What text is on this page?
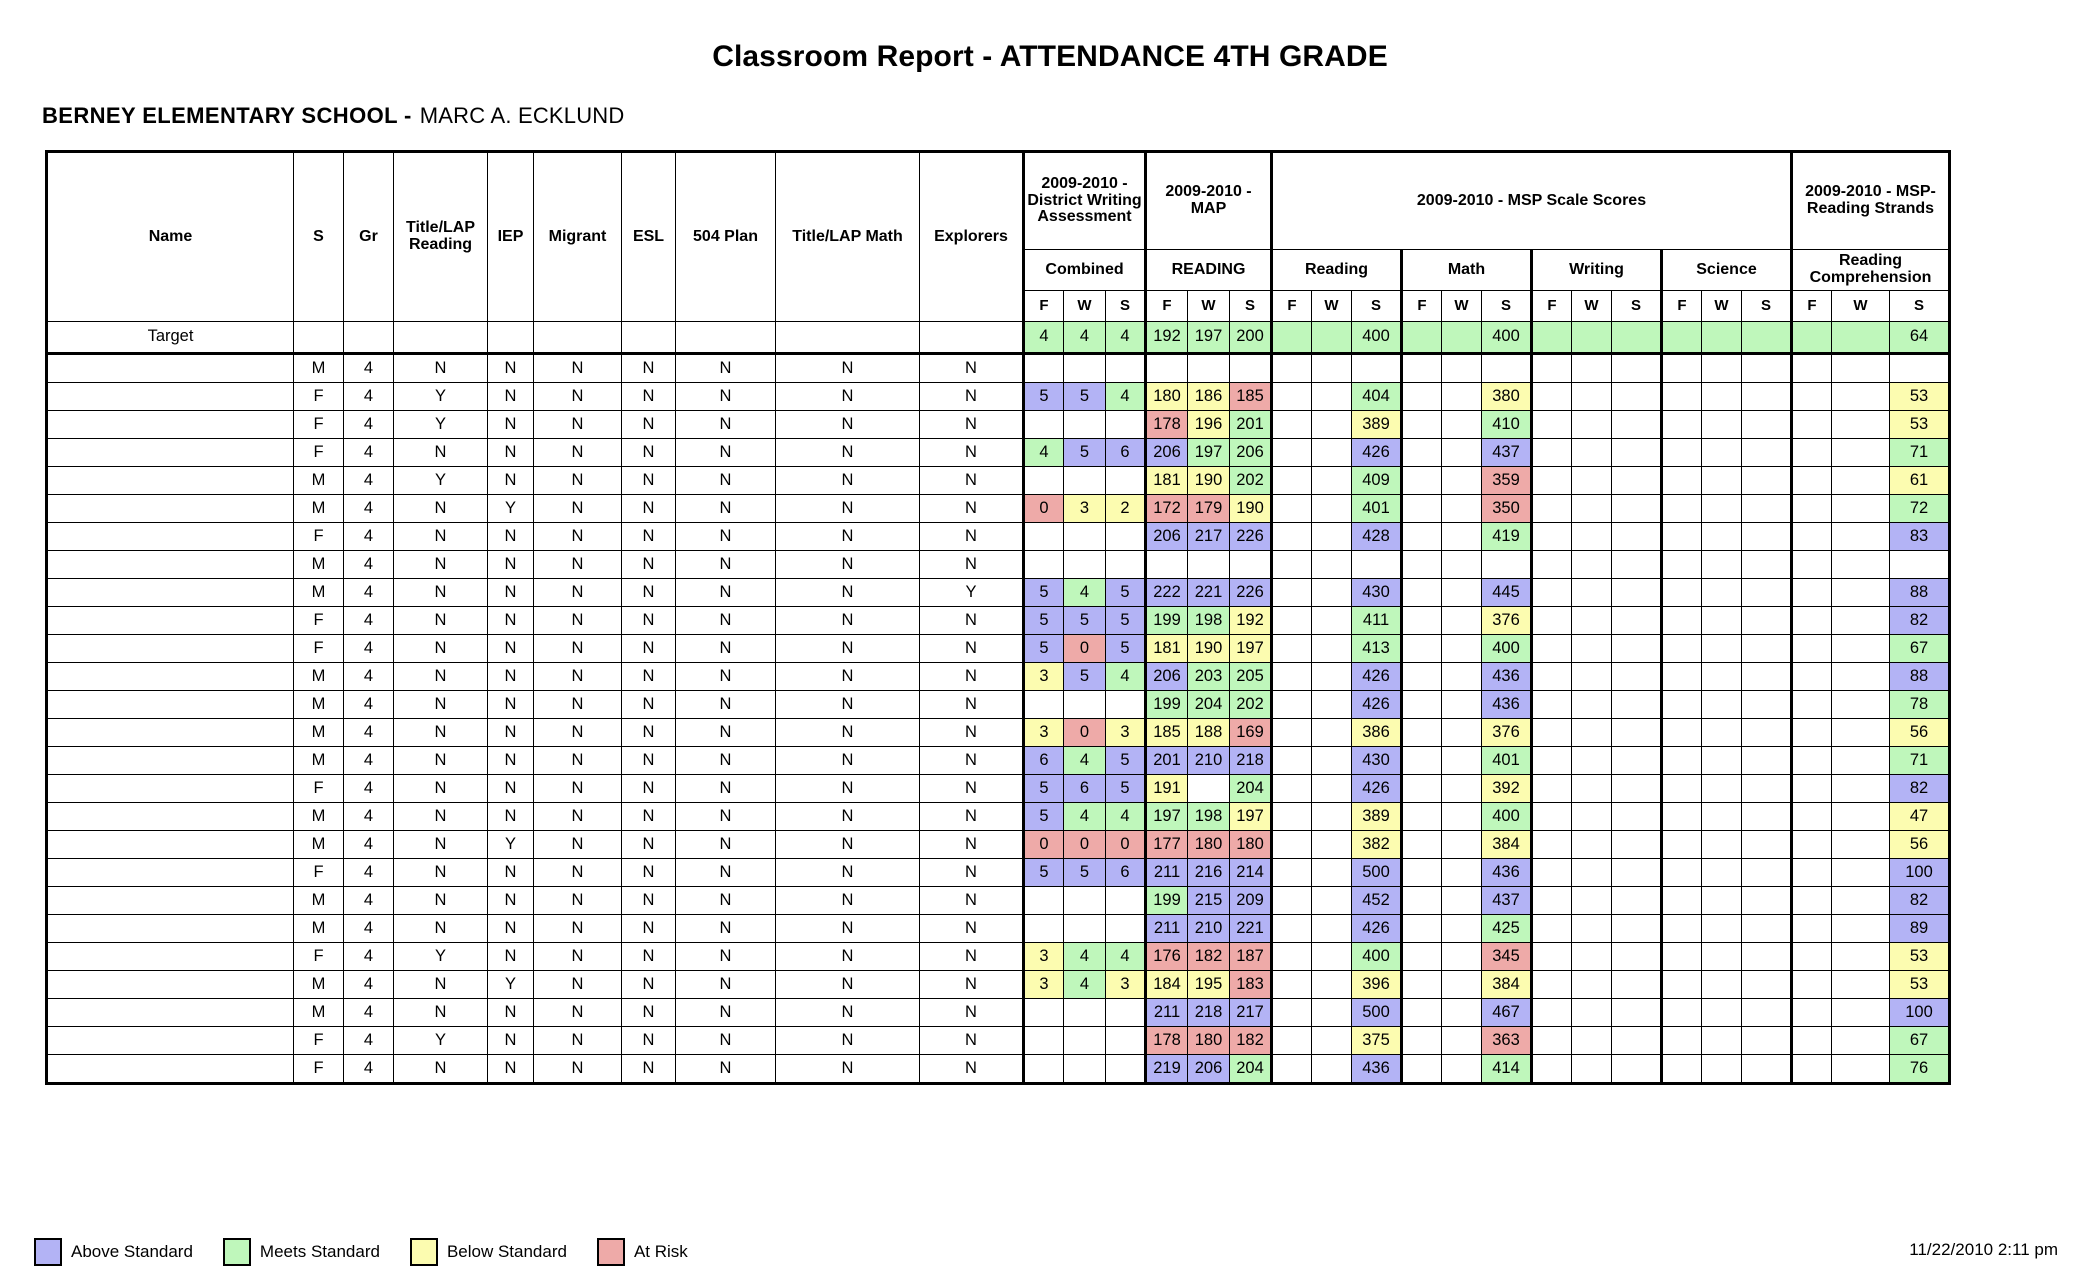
Classroom Report - ATTENDANCE 4TH GRADE
BERNEY ELEMENTARY SCHOOL - MARC A. ECKLUND
Name	S	Gr	Title/LAP Reading	IEP	Migrant	ESL	504 Plan	Title/LAP Math	Explorers	2009-2010 - District Writing Assessment			2009-2010 - MAP			2009-2010 - MSP Scale Scores												2009-2010 - MSP-Reading Strands		
										Combined			READING			Reading			Math			Writing			Science			Reading Comprehension		
										F	W	S	F	W	S	F	W	S	F	W	S	F	W	S	F	W	S	F	W	S
Target										4	4	4	192	197	200			400			400									64
	M	4	N	N	N	N	N	N	N																					
	F	4	Y	N	N	N	N	N	N	5	5	4	180	186	185			404			380									53
	F	4	Y	N	N	N	N	N	N				178	196	201			389			410									53
	F	4	N	N	N	N	N	N	N	4	5	6	206	197	206			426			437									71
	M	4	Y	N	N	N	N	N	N				181	190	202			409			359									61
	M	4	N	Y	N	N	N	N	N	0	3	2	172	179	190			401			350									72
	F	4	N	N	N	N	N	N	N				206	217	226			428			419									83
	M	4	N	N	N	N	N	N	N																					
	M	4	N	N	N	N	N	N	Y	5	4	5	222	221	226			430			445									88
	F	4	N	N	N	N	N	N	N	5	5	5	199	198	192			411			376									82
	F	4	N	N	N	N	N	N	N	5	0	5	181	190	197			413			400									67
	M	4	N	N	N	N	N	N	N	3	5	4	206	203	205			426			436									88
	M	4	N	N	N	N	N	N	N				199	204	202			426			436									78
	M	4	N	N	N	N	N	N	N	3	0	3	185	188	169			386			376									56
	M	4	N	N	N	N	N	N	N	6	4	5	201	210	218			430			401									71
	F	4	N	N	N	N	N	N	N	5	6	5	191		204			426			392									82
	M	4	N	N	N	N	N	N	N	5	4	4	197	198	197			389			400									47
	M	4	N	Y	N	N	N	N	N	0	0	0	177	180	180			382			384									56
	F	4	N	N	N	N	N	N	N	5	5	6	211	216	214			500			436									100
	M	4	N	N	N	N	N	N	N				199	215	209			452			437									82
	M	4	N	N	N	N	N	N	N				211	210	221			426			425									89
	F	4	Y	N	N	N	N	N	N	3	4	4	176	182	187			400			345									53
	M	4	N	Y	N	N	N	N	N	3	4	3	184	195	183			396			384									53
	M	4	N	N	N	N	N	N	N				211	218	217			500			467									100
	F	4	Y	N	N	N	N	N	N				178	180	182			375			363									67
	F	4	N	N	N	N	N	N	N				219	206	204			436			414									76
Above Standard	Meets Standard	Below Standard	At Risk	11/22/2010 2:11 pm
